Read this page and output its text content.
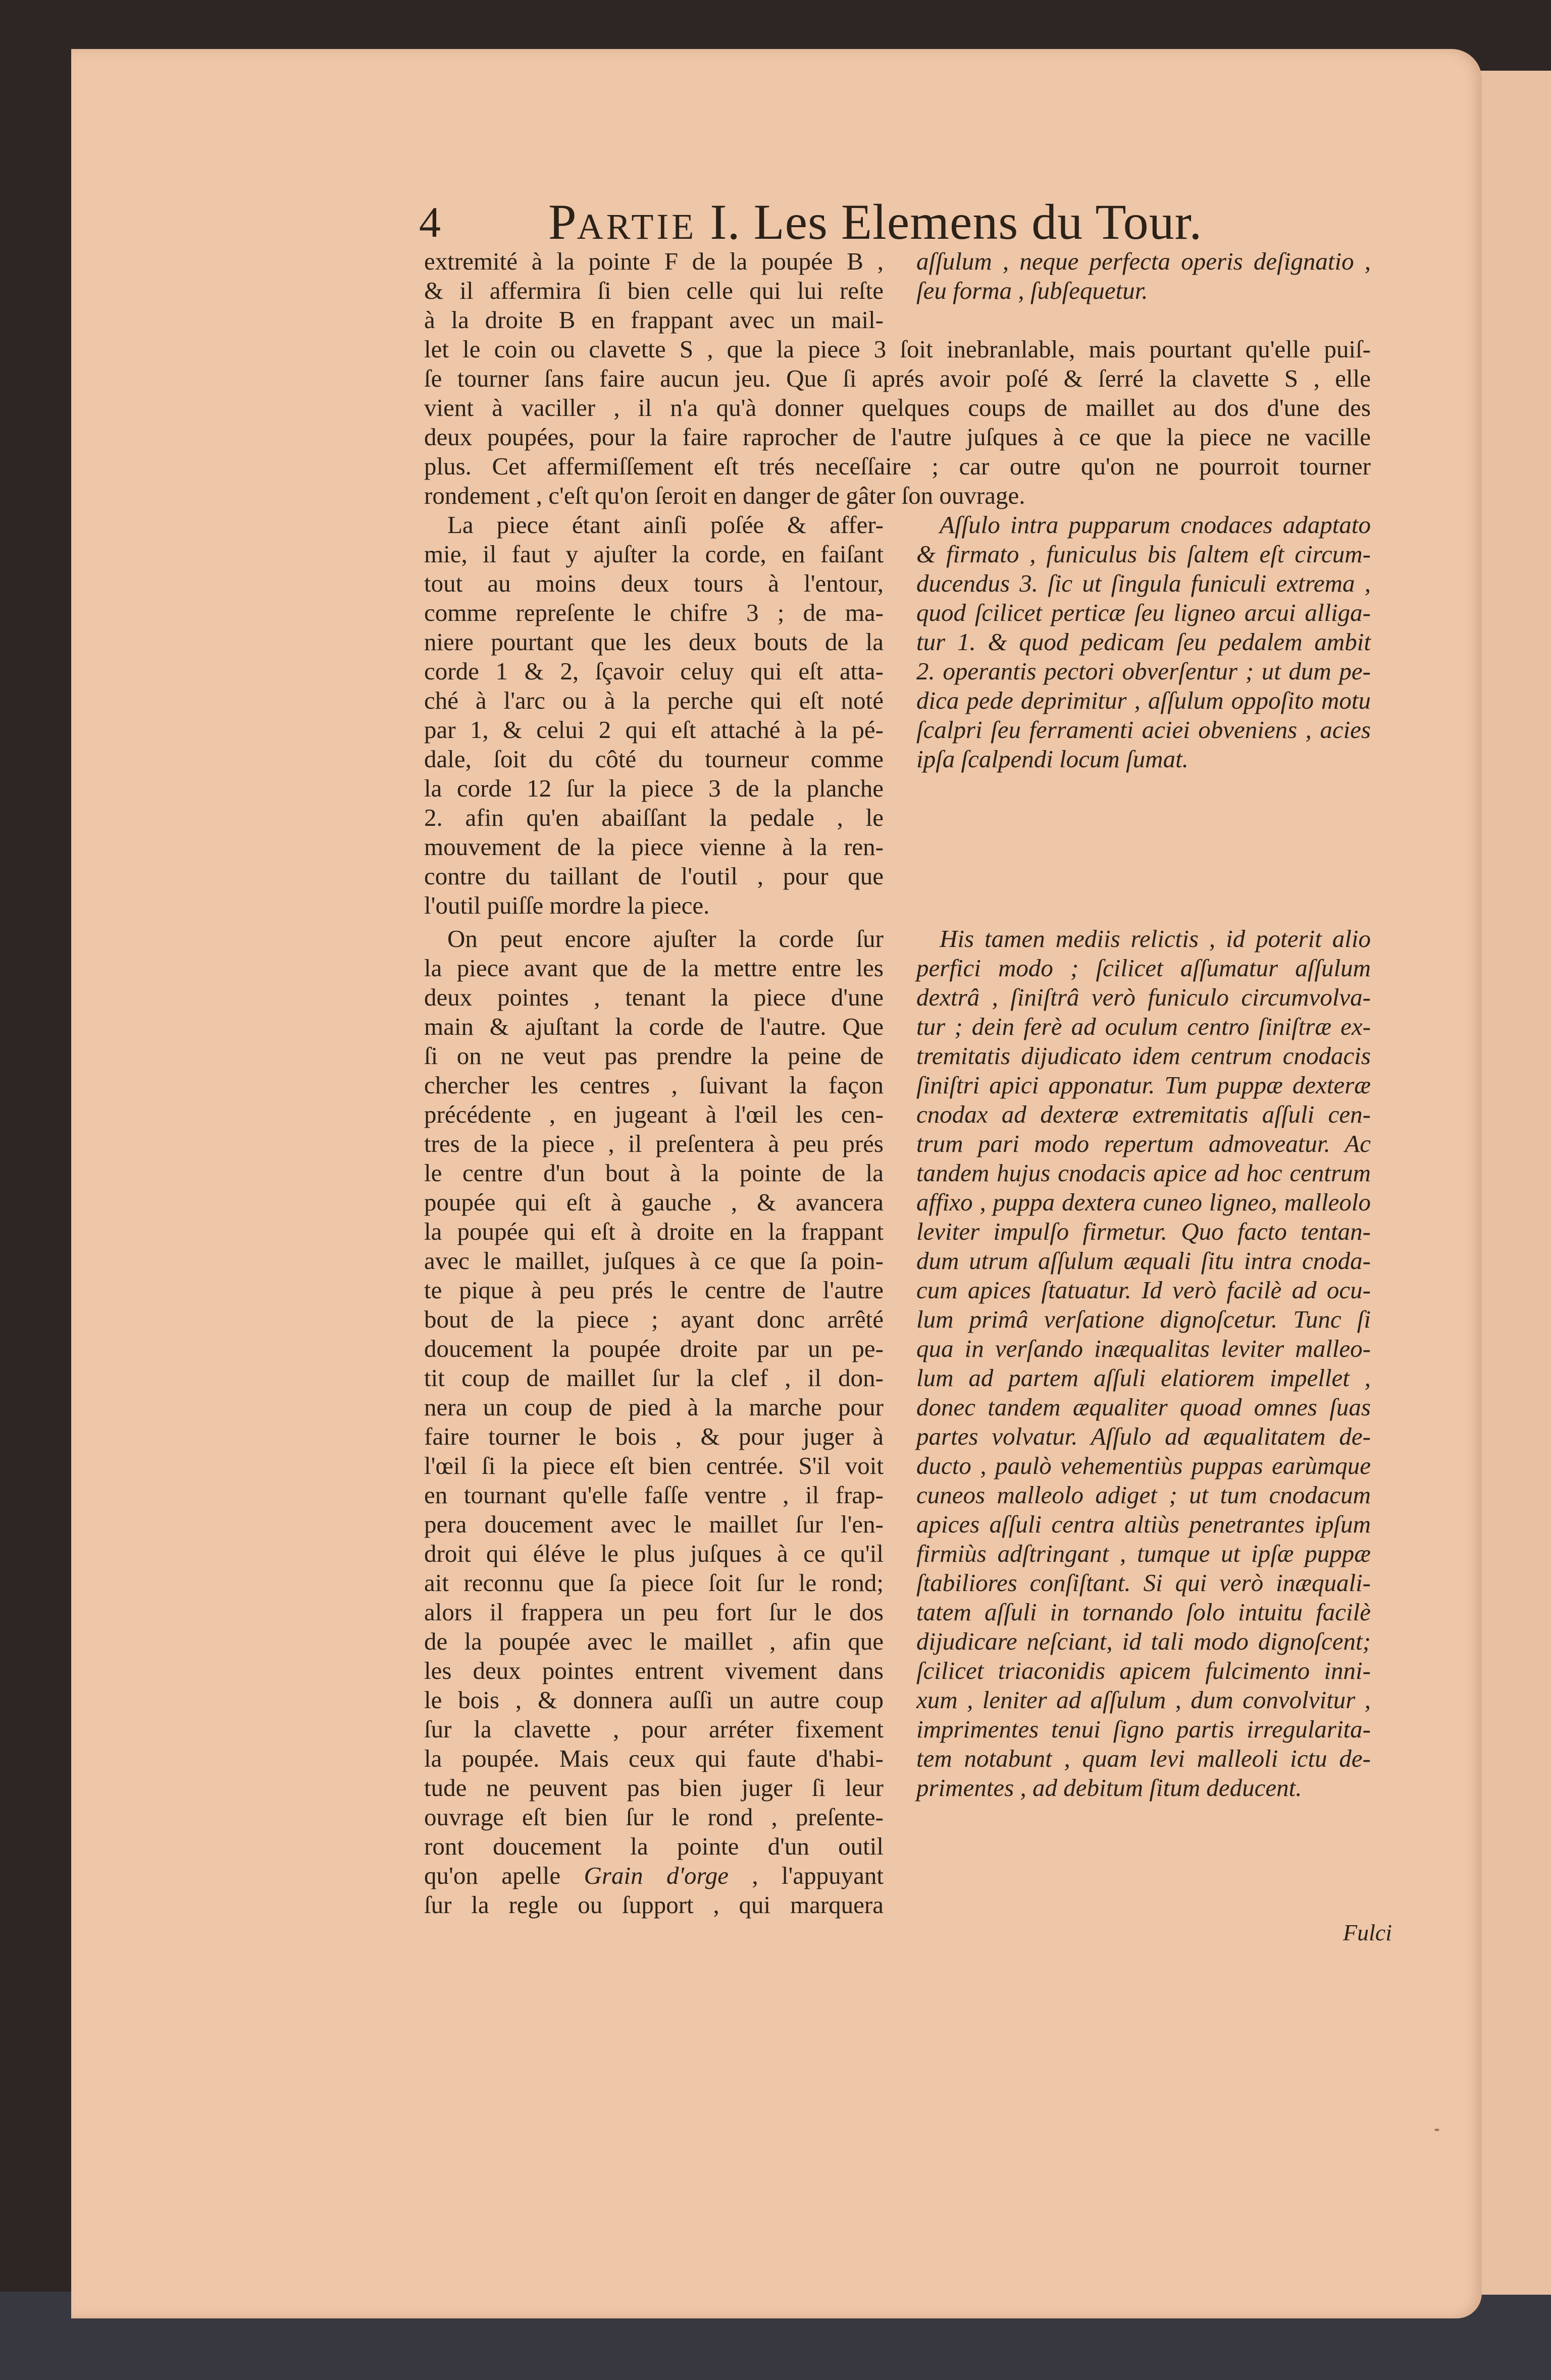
4 PARTIE I. Les Elemens du Tour.
extremité à la pointe F de la poupée B ,
& il affermira ſi bien celle qui lui reſte
à la droite B en frappant avec un mail-
aſſulum , neque perfecta operis deſignatio ,
ſeu forma , ſubſequetur.
let le coin ou clavette S , que la piece 3 ſoit inebranlable, mais pourtant qu'elle puiſ-
ſe tourner ſans faire aucun jeu. Que ſi aprés avoir poſé & ſerré la clavette S , elle
vient à vaciller , il n'a qu'à donner quelques coups de maillet au dos d'une des
deux poupées, pour la faire raprocher de l'autre juſques à ce que la piece ne vacille
plus. Cet affermiſſement eſt trés neceſſaire ; car outre qu'on ne pourroit tourner
rondement , c'eſt qu'on ſeroit en danger de gâter ſon ouvrage.
La piece étant ainſi poſée & affer-
mie, il faut y ajuſter la corde, en faiſant
tout au moins deux tours à l'entour,
comme repreſente le chifre 3 ; de ma-
niere pourtant que les deux bouts de la
corde 1 & 2, ſçavoir celuy qui eſt atta-
ché à l'arc ou à la perche qui eſt noté
par 1, & celui 2 qui eſt attaché à la pé-
dale, ſoit du côté du tourneur comme
la corde 12 ſur la piece 3 de la planche
2. afin qu'en abaiſſant la pedale , le
mouvement de la piece vienne à la ren-
contre du taillant de l'outil , pour que
l'outil puiſſe mordre la piece.
Aſſulo intra pupparum cnodaces adaptato
& firmato , funiculus bis ſaltem eſt circum-
ducendus 3. ſic ut ſingula funiculi extrema ,
quod ſcilicet perticæ ſeu ligneo arcui alliga-
tur 1. & quod pedicam ſeu pedalem ambit
2. operantis pectori obverſentur ; ut dum pe-
dica pede deprimitur , aſſulum oppoſito motu
ſcalpri ſeu ferramenti aciei obveniens , acies
ipſa ſcalpendi locum ſumat.
On peut encore ajuſter la corde ſur
la piece avant que de la mettre entre les
deux pointes , tenant la piece d'une
main & ajuſtant la corde de l'autre. Que
ſi on ne veut pas prendre la peine de
chercher les centres , ſuivant la façon
précédente , en jugeant à l'œil les cen-
tres de la piece , il preſentera à peu prés
le centre d'un bout à la pointe de la
poupée qui eſt à gauche , & avancera
la poupée qui eſt à droite en la frappant
avec le maillet, juſques à ce que ſa poin-
te pique à peu prés le centre de l'autre
bout de la piece ; ayant donc arrêté
doucement la poupée droite par un pe-
tit coup de maillet ſur la clef , il don-
nera un coup de pied à la marche pour
faire tourner le bois , & pour juger à
l'œil ſi la piece eſt bien centrée. S'il voit
en tournant qu'elle faſſe ventre , il frap-
pera doucement avec le maillet ſur l'en-
droit qui éléve le plus juſques à ce qu'il
ait reconnu que ſa piece ſoit ſur le rond;
alors il frappera un peu fort ſur le dos
de la poupée avec le maillet , afin que
les deux pointes entrent vivement dans
le bois , & donnera auſſi un autre coup
ſur la clavette , pour arréter fixement
la poupée. Mais ceux qui faute d'habi-
tude ne peuvent pas bien juger ſi leur
ouvrage eſt bien ſur le rond , preſente-
ront doucement la pointe d'un outil
qu'on apelle Grain d'orge , l'appuyant
ſur la regle ou ſupport , qui marquera
His tamen mediis relictis , id poterit alio
perfici modo ; ſcilicet aſſumatur aſſulum
dextrâ , ſiniſtrâ verò funiculo circumvolva-
tur ; dein ferè ad oculum centro ſiniſtræ ex-
tremitatis dijudicato idem centrum cnodacis
ſiniſtri apici apponatur. Tum puppæ dexteræ
cnodax ad dexteræ extremitatis aſſuli cen-
trum pari modo repertum admoveatur. Ac
tandem hujus cnodacis apice ad hoc centrum
affixo , puppa dextera cuneo ligneo, malleolo
leviter impulſo firmetur. Quo facto tentan-
dum utrum aſſulum æquali ſitu intra cnoda-
cum apices ſtatuatur. Id verò facilè ad ocu-
lum primâ verſatione dignoſcetur. Tunc ſi
qua in verſando inæqualitas leviter malleo-
lum ad partem aſſuli elatiorem impellet ,
donec tandem æqualiter quoad omnes ſuas
partes volvatur. Aſſulo ad æqualitatem de-
ducto , paulò vehementiùs puppas earùmque
cuneos malleolo adiget ; ut tum cnodacum
apices aſſuli centra altiùs penetrantes ipſum
firmiùs adſtringant , tumque ut ipſæ puppæ
ſtabiliores conſiſtant. Si qui verò inæquali-
tatem aſſuli in tornando ſolo intuitu facilè
dijudicare neſciant, id tali modo dignoſcent;
ſcilicet triaconidis apicem fulcimento inni-
xum , leniter ad aſſulum , dum convolvitur ,
imprimentes tenui ſigno partis irregularita-
tem notabunt , quam levi malleoli ictu de-
primentes , ad debitum ſitum deducent.
Fulci
